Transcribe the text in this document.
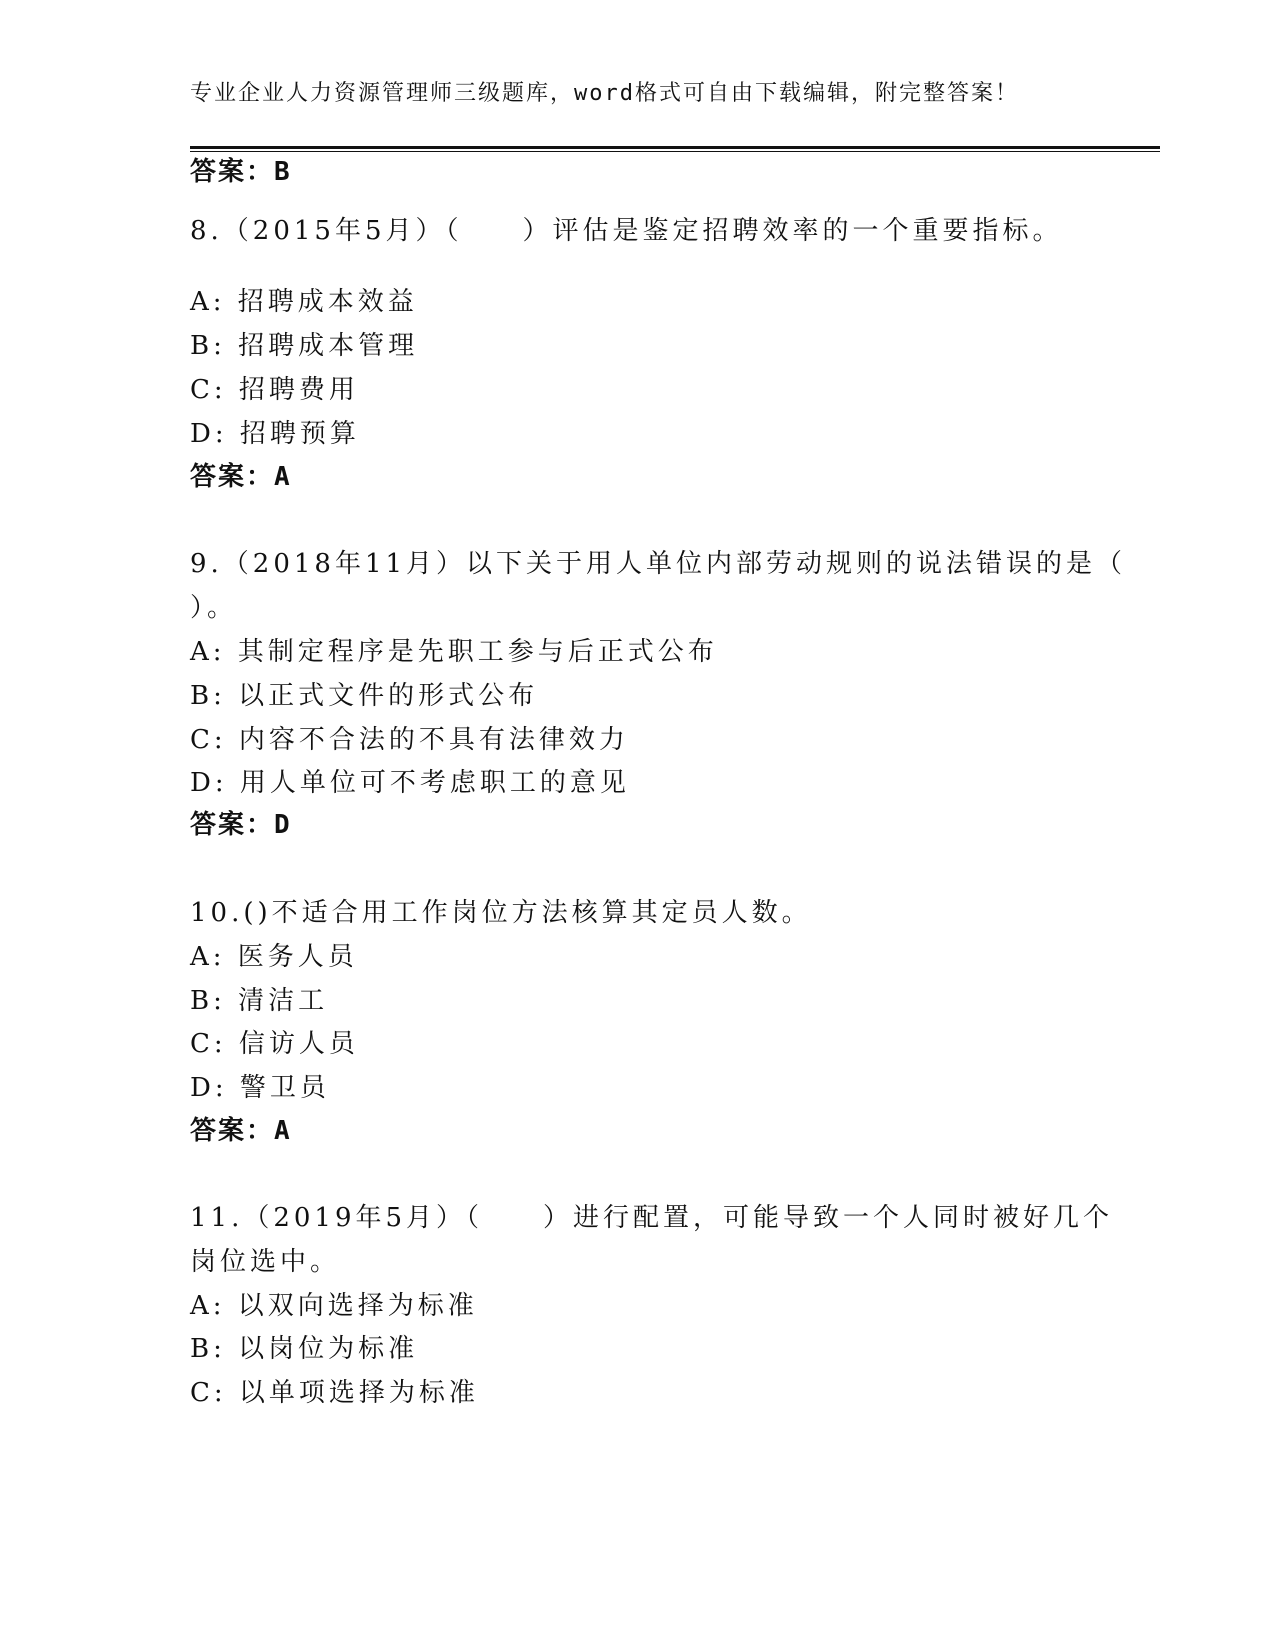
专业企业人力资源管理师三级题库，word格式可自由下载编辑，附完整答案！
答案：B
8.（2015年5月）（　　）评估是鉴定招聘效率的一个重要指标。
A: 招聘成本效益
B: 招聘成本管理
C: 招聘费用
D: 招聘预算
答案：A
9.（2018年11月）以下关于用人单位内部劳动规则的说法错误的是（
）。
A: 其制定程序是先职工参与后正式公布
B: 以正式文件的形式公布
C: 内容不合法的不具有法律效力
D: 用人单位可不考虑职工的意见
答案：D
10.()不适合用工作岗位方法核算其定员人数。
A: 医务人员
B: 清洁工
C: 信访人员
D: 警卫员
答案：A
11.（2019年5月）（　　）进行配置，可能导致一个人同时被好几个
岗位选中。
A: 以双向选择为标准
B: 以岗位为标准
C: 以单项选择为标准
